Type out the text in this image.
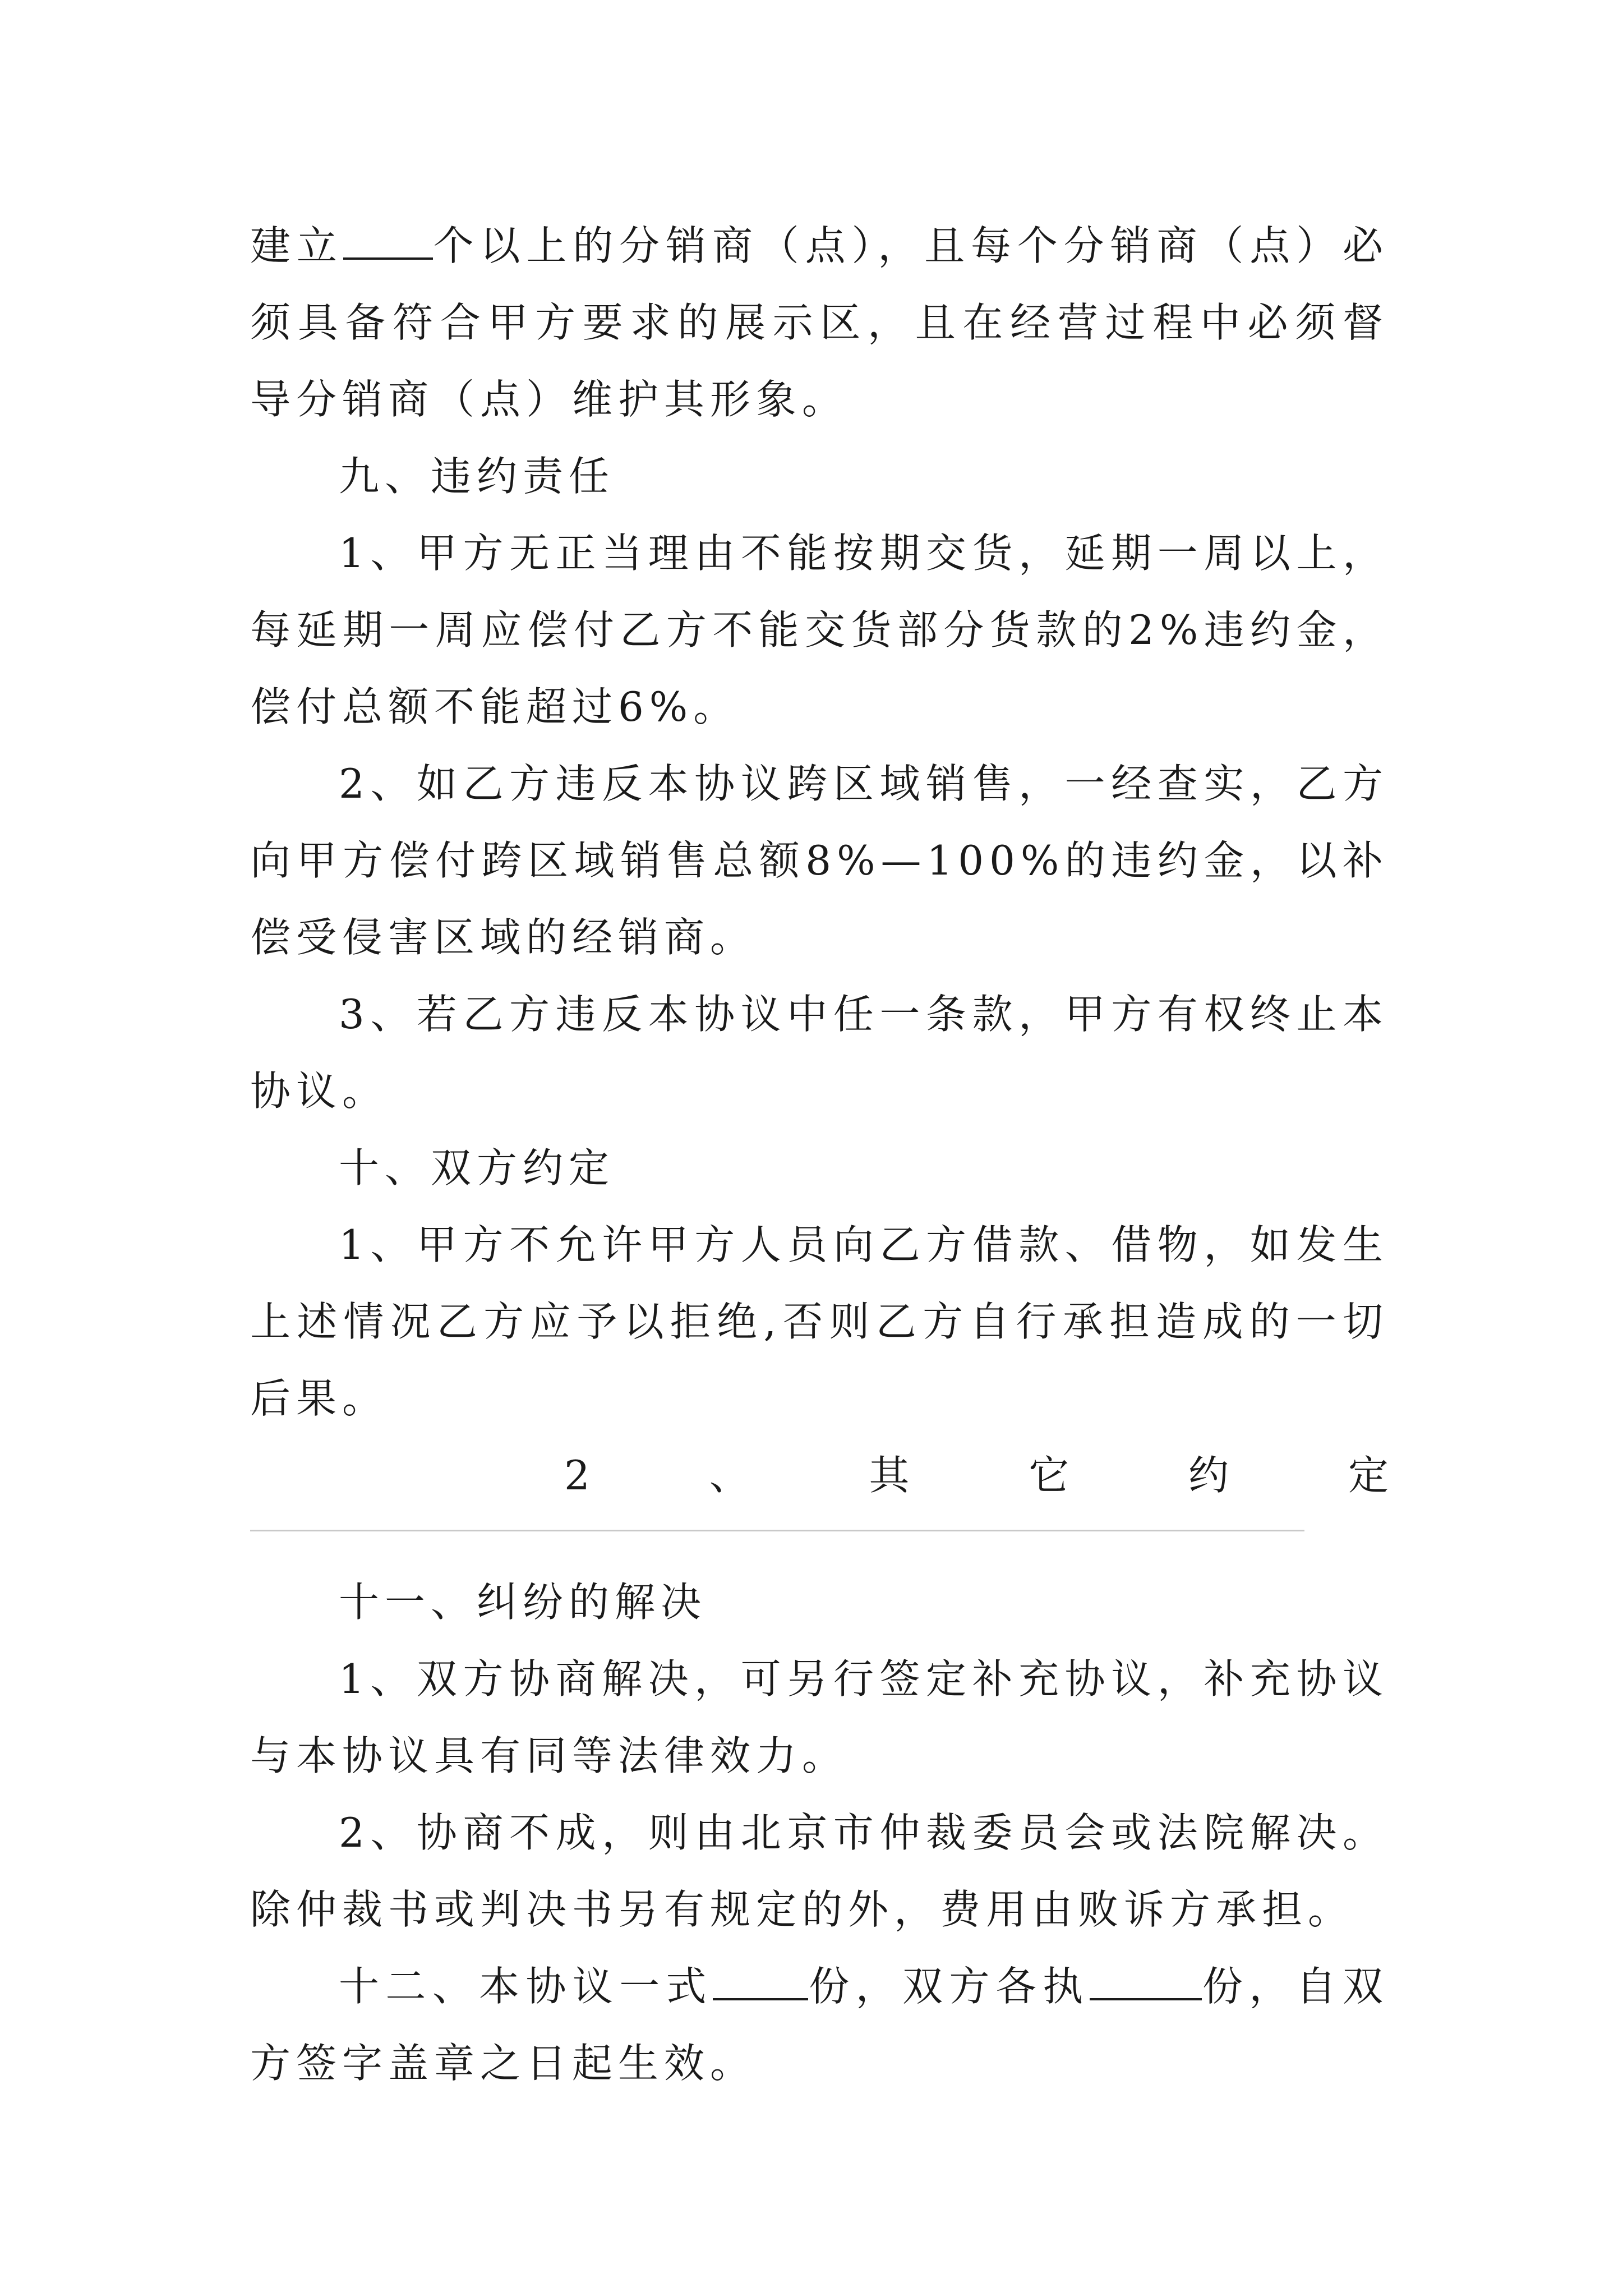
建立 个以上的分销商（点），且每个分销商（点）必须具备符合甲方要求的展示区，且在经营过程中必须督导分销商（点）维护其形象。

九、违约责任

1、甲方无正当理由不能按期交货，延期一周以上，每延期一周应偿付乙方不能交货部分货款的2%违约金，偿付总额不能超过6%。

2、如乙方违反本协议跨区域销售，一经查实，乙方向甲方偿付跨区域销售总额8%—100%的违约金，以补偿受侵害区域的经销商。

3、若乙方违反本协议中任一条款，甲方有权终止本协议。

十、双方约定

1、甲方不允许甲方人员向乙方借款、借物，如发生上述情况乙方应予以拒绝,否则乙方自行承担造成的一切后果。

2	、	其	它	约	定

十一、纠纷的解决

1、双方协商解决，可另行签定补充协议，补充协议与本协议具有同等法律效力。

2、协商不成，则由北京市仲裁委员会或法院解决。除仲裁书或判决书另有规定的外，费用由败诉方承担。

十二、本协议一式 份，双方各执	份，自双方签字盖章之日起生效。
